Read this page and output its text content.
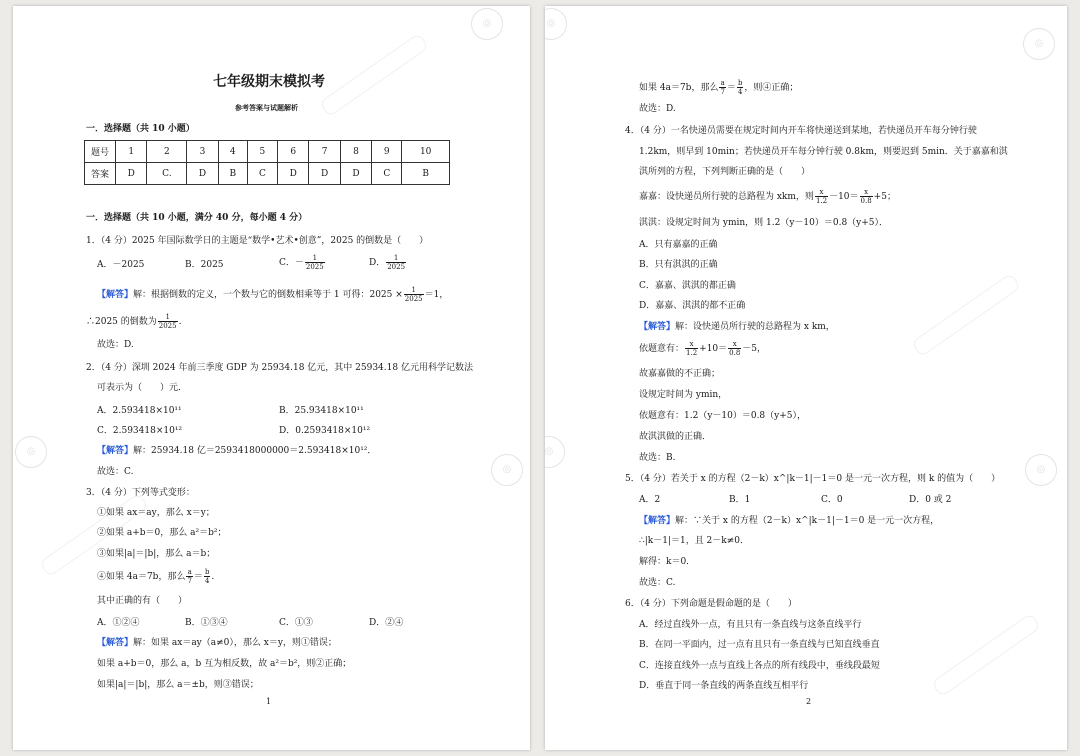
◎
◎
◎
七年级期末模拟考
参考答案与试题解析
一．选择题（共 10 小题）
题号	1	2	3	4	5	6	7	8	9	10
答案	D	C.	D	B	C	D	D	D	C	B
一．选择题（共 10 小题，满分 40 分，每小题 4 分）
1．（4 分）2025 年国际数学日的主题是“数学•艺术•创意”，2025 的倒数是（　　）
A．－2025	B．2025	C．－ $\frac{1}{2025}$	D． $\frac{1}{2025}$
【解答】解：根据倒数的定义，一个数与它的倒数相乘等于 1 可得：$2025 \times \frac{1}{2025} =1$，
∴2025 的倒数为 $\frac{1}{2025}$ .
故选：D.
2．（4 分）深圳 2024 年前三季度 GDP 为 25934.18 亿元，其中 25934.18 亿元用科学记数法
可表示为（　　）元．
A．2.593418×10¹¹	B．25.93418×10¹¹
C．2.593418×10¹²	D．0.2593418×10¹²
【解答】解：25934.18 亿＝2593418000000＝2.593418×10¹²．
故选：C.
3．（4 分）下列等式变形：
①如果 ax＝ay，那么 x＝y；
②如果 a+b＝0，那么 a²＝b²；
③如果|a|＝|b|，那么 a＝b；
④如果 4a＝7b，那么 $\frac{a}{7} = \frac{b}{4}$ .
其中正确的有（　　）
A．①②④	B．①③④	C．①③	D．②④
【解答】解：如果 ax＝ay（a≠0），那么 x＝y，则①错误；
如果 a+b＝0，那么 a，b 互为相反数，故 a²＝b²，则②正确；
如果|a|＝|b|，那么 a＝±b，则③错误；
1
◎
◎
◎
◎
如果 4a＝7b，那么 $\frac{a}{7} = \frac{b}{4}$ ，则④正确；
故选：D.
4．（4 分）一名快递员需要在规定时间内开车将快递送到某地，若快递员开车每分钟行驶
1.2km，则早到 10min；若快递员开车每分钟行驶 0.8km，则要迟到 5min．关于嘉嘉和淇
淇所列的方程，下列判断正确的是（　　）
嘉嘉：设快递员所行驶的总路程为 xkm，则 $\frac{x}{1.2} -10= \frac{x}{0.8} +5$；
淇淇：设规定时间为 ymin，则 1.2（y－10）＝0.8（y+5）．
A．只有嘉嘉的正确
B．只有淇淇的正确
C．嘉嘉、淇淇的都正确
D．嘉嘉、淇淇的都不正确
【解答】解：设快递员所行驶的总路程为 x km，
依题意有： $\frac{x}{1.2} +10= \frac{x}{0.8} -5$，
故嘉嘉做的不正确；
设规定时间为 ymin，
依题意有：1.2（y－10）＝0.8（y+5），
故淇淇做的正确．
故选：B.
5．（4 分）若关于 x 的方程（2－k）x^|k－1|－1＝0 是一元一次方程，则 k 的值为（　　）
A．2	B．1	C．0	D．0 或 2
【解答】解：∵关于 x 的方程（2－k）x^|k－1|－1＝0 是一元一次方程，
∴|k－1|＝1，且 2－k≠0．
解得：k＝0．
故选：C.
6．（4 分）下列命题是假命题的是（　　）
A．经过直线外一点，有且只有一条直线与这条直线平行
B．在同一平面内，过一点有且只有一条直线与已知直线垂直
C．连接直线外一点与直线上各点的所有线段中，垂线段最短
D．垂直于同一条直线的两条直线互相平行
2
